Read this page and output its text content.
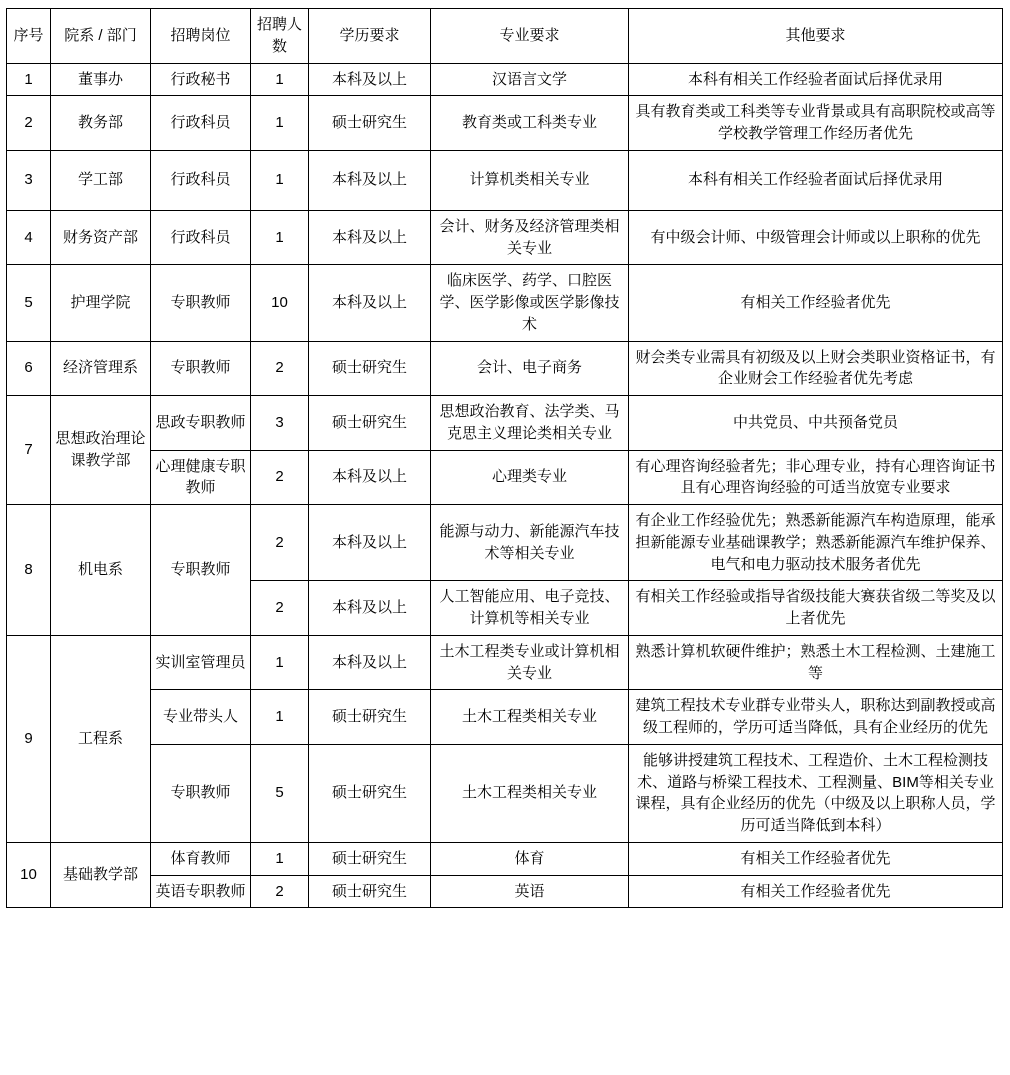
序号	院系 / 部门	招聘岗位	招聘人数	学历要求	专业要求	其他要求
1	董事办	行政秘书	1	本科及以上	汉语言文学	本科有相关工作经验者面试后择优录用
2	教务部	行政科员	1	硕士研究生	教育类或工科类专业	具有教育类或工科类等专业背景或具有高职院校或高等学校教学管理工作经历者优先
3	学工部	行政科员	1	本科及以上	计算机类相关专业	本科有相关工作经验者面试后择优录用
4	财务资产部	行政科员	1	本科及以上	会计、财务及经济管理类相关专业	有中级会计师、中级管理会计师或以上职称的优先
5	护理学院	专职教师	10	本科及以上	临床医学、药学、口腔医学、医学影像或医学影像技术	有相关工作经验者优先
6	经济管理系	专职教师	2	硕士研究生	会计、电子商务	财会类专业需具有初级及以上财会类职业资格证书，有企业财会工作经验者优先考虑
7	思想政治理论课教学部	思政专职教师	3	硕士研究生	思想政治教育、法学类、马克思主义理论类相关专业	中共党员、中共预备党员
		心理健康专职教师	2	本科及以上	心理类专业	有心理咨询经验者先；非心理专业，持有心理咨询证书且有心理咨询经验的可适当放宽专业要求
8	机电系	专职教师	2	本科及以上	能源与动力、新能源汽车技术等相关专业	有企业工作经验优先；熟悉新能源汽车构造原理，能承担新能源专业基础课教学；熟悉新能源汽车维护保养、电气和电力驱动技术服务者优先
			2	本科及以上	人工智能应用、电子竞技、计算机等相关专业	有相关工作经验或指导省级技能大赛获省级二等奖及以上者优先
9	工程系	实训室管理员	1	本科及以上	土木工程类专业或计算机相关专业	熟悉计算机软硬件维护；熟悉土木工程检测、土建施工等
		专业带头人	1	硕士研究生	土木工程类相关专业	建筑工程技术专业群专业带头人，职称达到副教授或高级工程师的，学历可适当降低，具有企业经历的优先
		专职教师	5	硕士研究生	土木工程类相关专业	能够讲授建筑工程技术、工程造价、土木工程检测技术、道路与桥梁工程技术、工程测量、BIM等相关专业课程，具有企业经历的优先（中级及以上职称人员，学历可适当降低到本科）
10	基础教学部	体育教师	1	硕士研究生	体育	有相关工作经验者优先
		英语专职教师	2	硕士研究生	英语	有相关工作经验者优先
